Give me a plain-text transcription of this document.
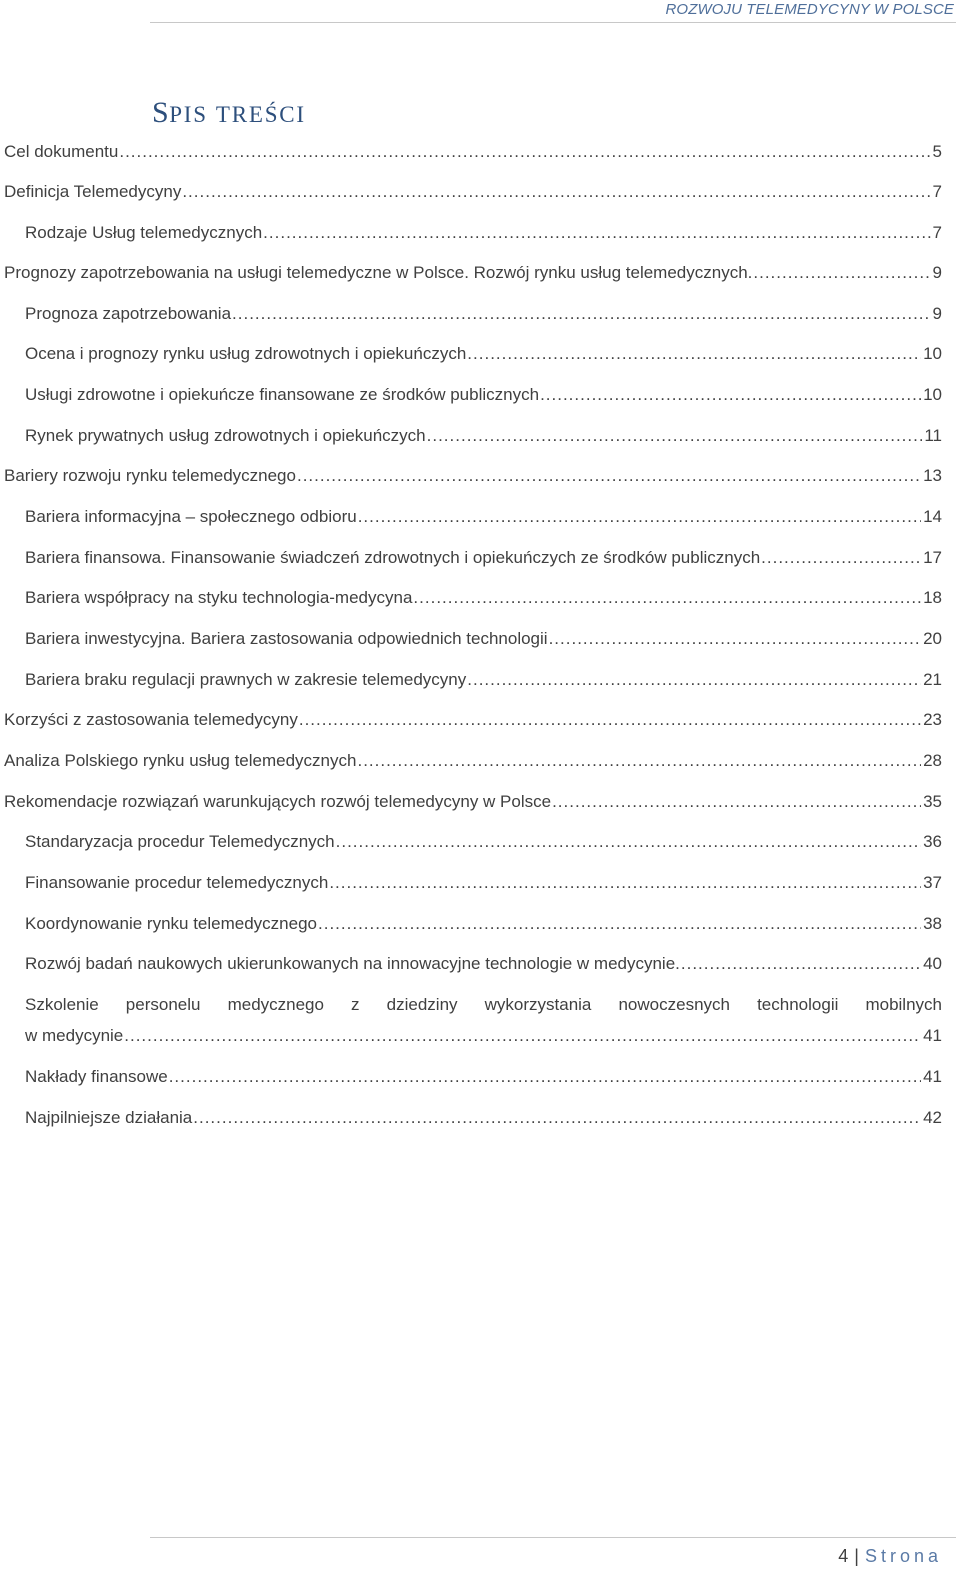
ROZWOJU TELEMEDYCYNY W POLSCE
SPIS TREŚCI
Cel dokumentu .....	5
Definicja Telemedycyny .....	7
Rodzaje Usług telemedycznych .....	7
Prognozy zapotrzebowania na usługi telemedyczne w Polsce. Rozwój rynku usług telemedycznych. .....	9
Prognoza zapotrzebowania .....	9
Ocena i prognozy rynku usług zdrowotnych i opiekuńczych .....	10
Usługi zdrowotne i opiekuńcze finansowane ze środków publicznych .....	10
Rynek prywatnych usług zdrowotnych i opiekuńczych .....	11
Bariery rozwoju rynku telemedycznego .....	13
Bariera informacyjna – społecznego odbioru .....	14
Bariera finansowa. Finansowanie świadczeń zdrowotnych i opiekuńczych ze środków publicznych .....	17
Bariera współpracy na styku technologia-medycyna .....	18
Bariera inwestycyjna. Bariera zastosowania odpowiednich technologii .....	20
Bariera braku regulacji prawnych w zakresie telemedycyny .....	21
Korzyści z zastosowania telemedycyny .....	23
Analiza Polskiego rynku usług telemedycznych .....	28
Rekomendacje rozwiązań warunkujących rozwój telemedycyny w Polsce .....	35
Standaryzacja procedur Telemedycznych .....	36
Finansowanie procedur telemedycznych .....	37
Koordynowanie rynku telemedycznego .....	38
Rozwój badań naukowych ukierunkowanych na innowacyjne technologie w medycynie. .....	40
Szkolenie personelu medycznego z dziedziny wykorzystania nowoczesnych technologii mobilnych
w medycynie .....	41
Nakłady finansowe .....	41
Najpilniejsze działania .....	42
4 | Strona
